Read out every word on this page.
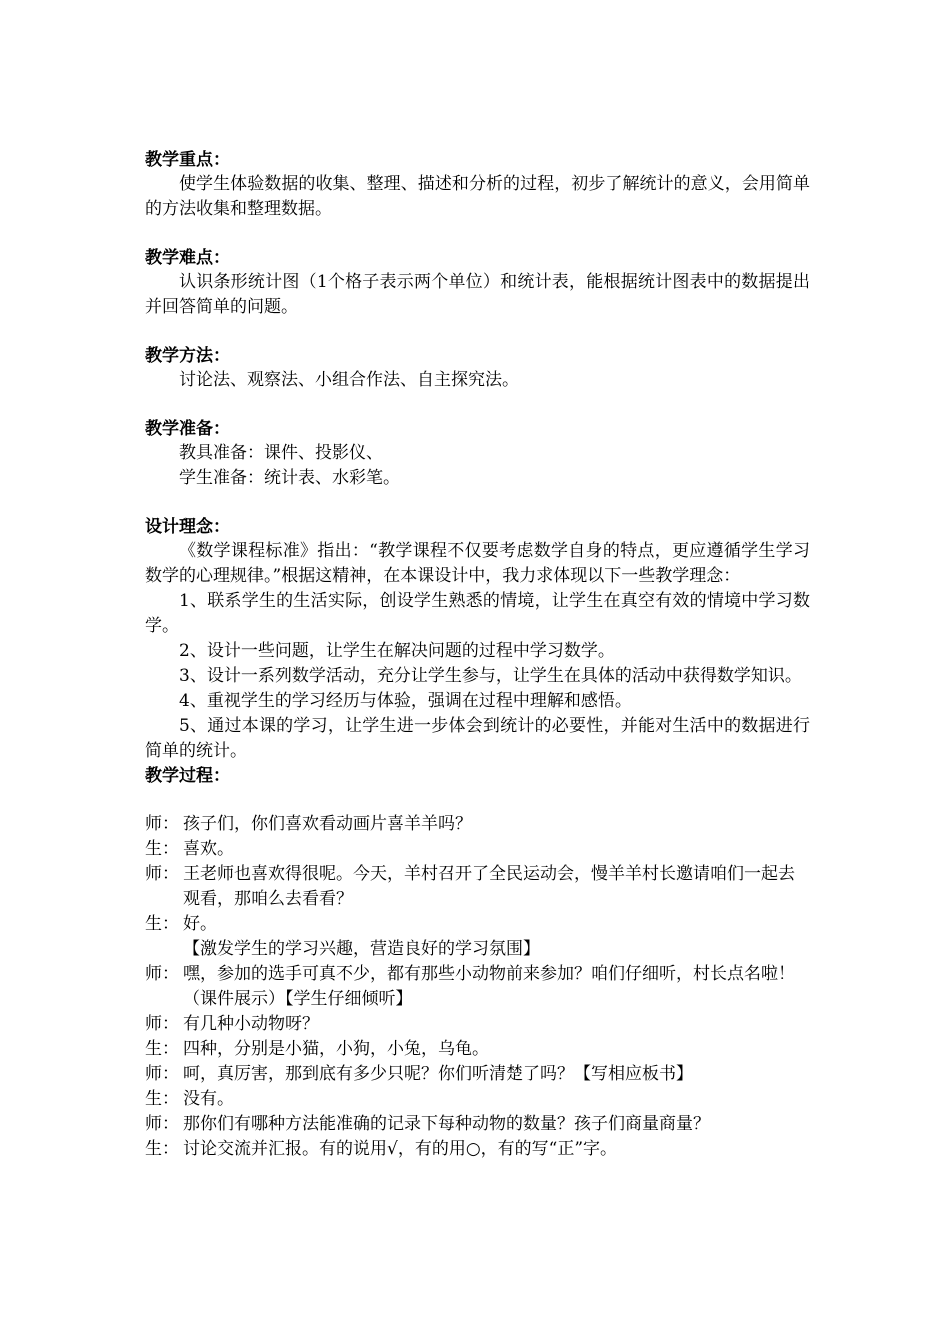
教学重点：
使学生体验数据的收集、整理、描述和分析的过程，初步了解统计的意义，会用简单的方法收集和整理数据。
教学难点：
认识条形统计图（1个格子表示两个单位）和统计表，能根据统计图表中的数据提出并回答简单的问题。
教学方法：
讨论法、观察法、小组合作法、自主探究法。
教学准备：
教具准备：课件、投影仪、
学生准备：统计表、水彩笔。
设计理念：
《数学课程标准》指出：“教学课程不仅要考虑数学自身的特点，更应遵循学生学习数学的心理规律。”根据这精神，在本课设计中，我力求体现以下一些教学理念：
1、联系学生的生活实际，创设学生熟悉的情境，让学生在真空有效的情境中学习数学。
2、设计一些问题，让学生在解决问题的过程中学习数学。
3、设计一系列数学活动，充分让学生参与，让学生在具体的活动中获得数学知识。
4、重视学生的学习经历与体验，强调在过程中理解和感悟。
5、通过本课的学习，让学生进一步体会到统计的必要性，并能对生活中的数据进行简单的统计。
教学过程：
师： 孩子们，你们喜欢看动画片喜羊羊吗？
生： 喜欢。
师： 王老师也喜欢得很呢。今天，羊村召开了全民运动会，慢羊羊村长邀请咱们一起去观看，那咱么去看看？
生： 好。
【激发学生的学习兴趣，营造良好的学习氛围】
师： 嘿，参加的选手可真不少，都有那些小动物前来参加？咱们仔细听，村长点名啦！（课件展示）【学生仔细倾听】
师： 有几种小动物呀？
生： 四种，分别是小猫，小狗，小兔，乌龟。
师： 呵，真厉害，那到底有多少只呢？你们听清楚了吗？【写相应板书】
生： 没有。
师： 那你们有哪种方法能准确的记录下每种动物的数量？孩子们商量商量？
生： 讨论交流并汇报。有的说用√，有的用○，有的写“正”字。
